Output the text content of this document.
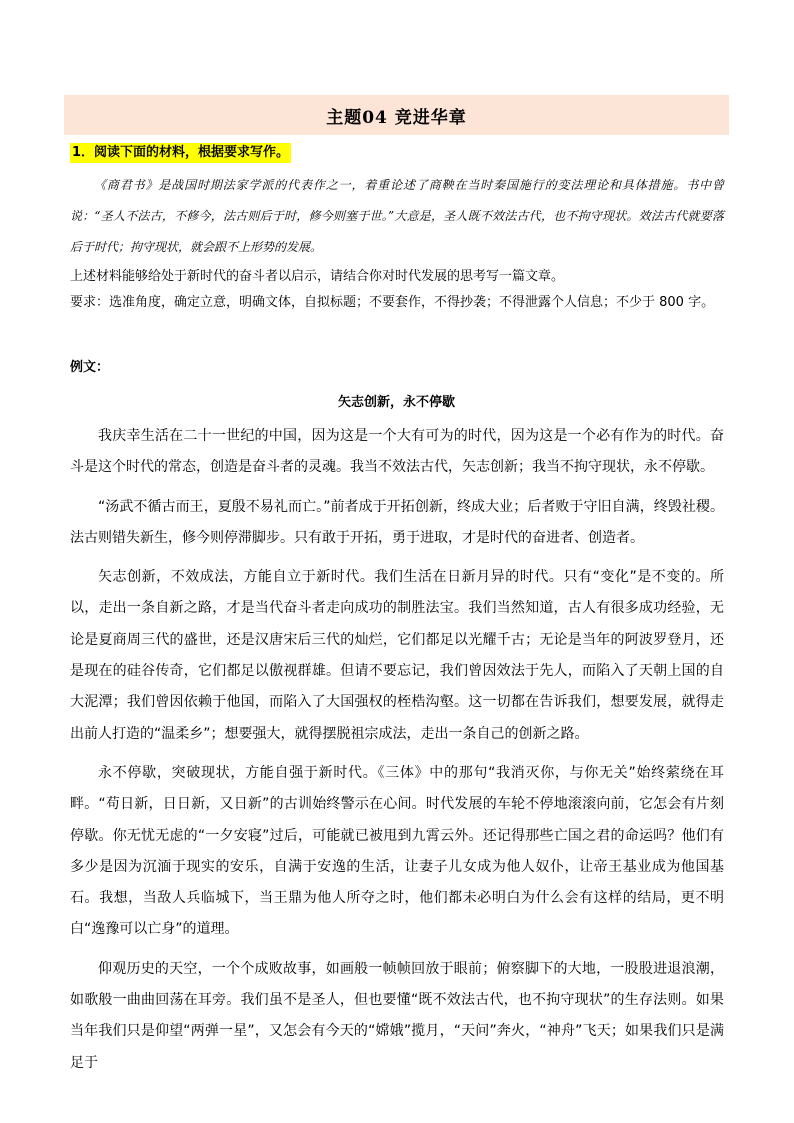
主题04 竞进华章
1．阅读下面的材料，根据要求写作。

《商君书》是战国时期法家学派的代表作之一，着重论述了商鞅在当时秦国施行的变法理论和具体措施。书中曾说：“圣人不法古，不修今，法古则后于时，修今则塞于世。”大意是，圣人既不效法古代，也不拘守现状。效法古代就要落后于时代；拘守现状，就会跟不上形势的发展。

上述材料能够给处于新时代的奋斗者以启示，请结合你对时代发展的思考写一篇文章。

要求：选准角度，确定立意，明确文体，自拟标题；不要套作，不得抄袭；不得泄露个人信息；不少于 800 字。

例文：
矢志创新，永不停歇

我庆幸生活在二十一世纪的中国，因为这是一个大有可为的时代，因为这是一个必有作为的时代。奋斗是这个时代的常态，创造是奋斗者的灵魂。我当不效法古代，矢志创新；我当不拘守现状，永不停歇。

“汤武不循古而王，夏殷不易礼而亡。”前者成于开拓创新，终成大业；后者败于守旧自满，终毁社稷。法古则错失新生，修今则停滞脚步。只有敢于开拓，勇于进取，才是时代的奋进者、创造者。

矢志创新，不效成法，方能自立于新时代。我们生活在日新月异的时代。只有“变化”是不变的。所以，走出一条自新之路，才是当代奋斗者走向成功的制胜法宝。我们当然知道，古人有很多成功经验，无论是夏商周三代的盛世，还是汉唐宋后三代的灿烂，它们都足以光耀千古；无论是当年的阿波罗登月，还是现在的硅谷传奇，它们都足以傲视群雄。但请不要忘记，我们曾因效法于先人，而陷入了天朝上国的自大泥潭；我们曾因依赖于他国，而陷入了大国强权的桎梏沟壑。这一切都在告诉我们，想要发展，就得走出前人打造的“温柔乡”；想要强大，就得摆脱祖宗成法，走出一条自己的创新之路。

永不停歇，突破现状，方能自强于新时代。《三体》中的那句“我消灭你，与你无关”始终萦绕在耳畔。“苟日新，日日新，又日新”的古训始终警示在心间。时代发展的车轮不停地滚滚向前，它怎会有片刻停歇。你无忧无虑的“一夕安寝”过后，可能就已被甩到九霄云外。还记得那些亡国之君的命运吗？他们有多少是因为沉湎于现实的安乐，自满于安逸的生活，让妻子儿女成为他人奴仆，让帝王基业成为他国基石。我想，当敌人兵临城下，当王鼎为他人所夺之时，他们都未必明白为什么会有这样的结局，更不明白“逸豫可以亡身”的道理。

仰观历史的天空，一个个成败故事，如画般一帧帧回放于眼前；俯察脚下的大地，一股股进退浪潮，如歌般一曲曲回荡在耳旁。我们虽不是圣人，但也要懂“既不效法古代，也不拘守现状”的生存法则。如果当年我们只是仰望“两弹一星”，又怎会有今天的“嫦娥”揽月，“天问”奔火，“神舟”飞天；如果我们只是满足于
